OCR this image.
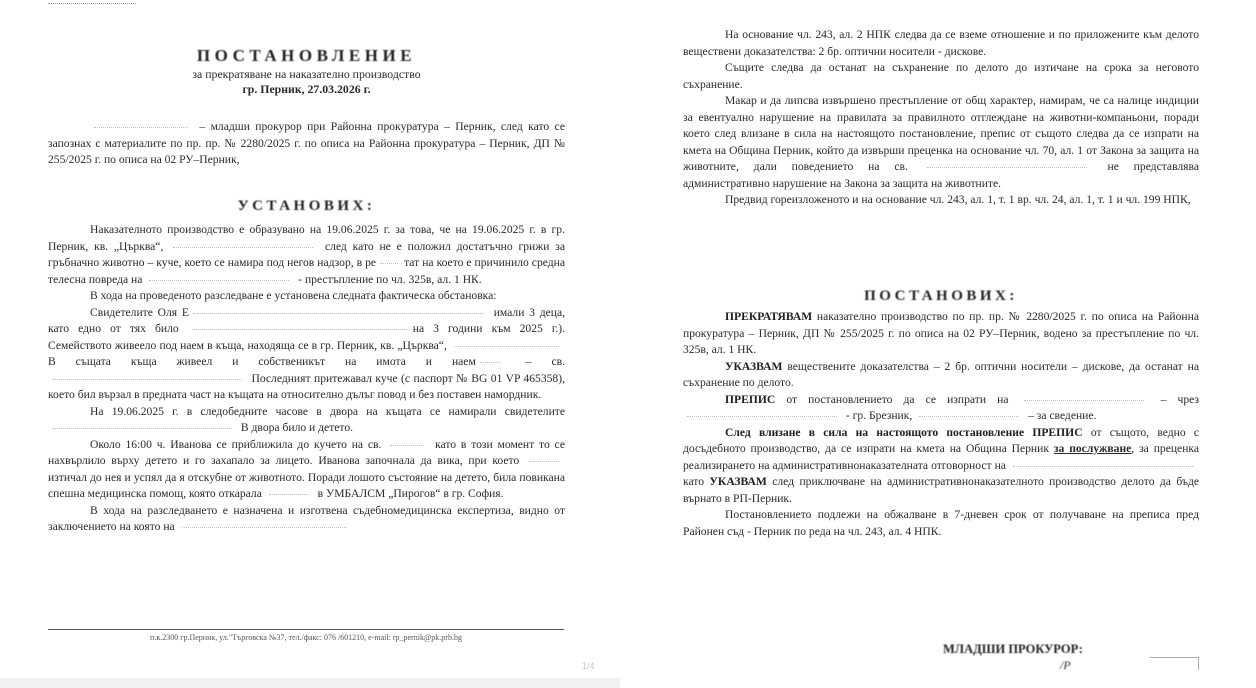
ПОСТАНОВЛЕНИЕ

за прекратяване на наказателно производство

гр. Перник, 27.03.2026 г.

– младши прокурор при Районна прокуратура – Перник, след като се запознах с материалите по пр. пр. № 2280/2025 г. по описа на Районна прокуратура – Перник, ДП № 255/2025 г. по описа на 02 РУ–Перник,

УСТАНОВИХ:

Наказателното производство е образувано на 19.06.2025 г. за това, че на 19.06.2025 г. в гр. Перник, кв. „Църква“,	след като не е положил достатъчно грижи за гръбначно животно – куче, което се намира под негов надзор, в ре тат на което е причинило средна телесна повреда на	- престъпление по чл. 325в, ал. 1 НК.

В хода на проведеното разследване е установена следната фактическа обстановка:

Свидетелите Оля Е	имали 3 деца, като едно от тях било	на 3 години към 2025 г.). Семейството живеело под наем в къща, находяща се в гр. Перник, кв. „Църква“,  В същата къща живеел и собственикът на имота и наем	– св.  Последният притежавал куче (с паспорт № BG 01 VP 465358), което бил вързал в предната част на къщата на относително дълъг повод и без поставен намордник.

На 19.06.2025 г. в следобедните часове в двора на къщата се намирали свидетелите  В двора било и детето.

Около 16:00 ч. Иванова се приближила до кучето на св.	като в този момент то се нахвърлило върху детето и го захапало за лицето. Иванова започнала да вика, при което  изтичал до нея и успял да я отскубне от животното. Поради лошото състояние на детето, била повикана спешна медицинска помощ, която откарала	в УМБАЛСМ „Пирогов“ в гр. София.

В хода на разследването е назначена и изготвена съдебномедицинска експертиза, видно от заключението на която на

п.к.2300 гр.Перник, ул."Търговска №37, тел./факс: 076 /601210, e-mail: rp_pernik@pk.prb.bg
1/4

На основание чл. 243, ал. 2 НПК следва да се вземе отношение и по приложените към делото веществени доказателства: 2 бр. оптични носители - дискове.

Същите следва да останат на съхранение по делото до изтичане на срока за неговото съхранение.

Макар и да липсва извършено престъпление от общ характер, намирам, че са налице индиции за евентуално нарушение на правилата за правилното отглеждане на животни-компаньони, поради което след влизане в сила на настоящото постановление, препис от същото следва да се изпрати на кмета на Община Перник, който да извърши преценка на основание чл. 70, ал. 1 от Закона за защита на животните, дали поведението на св.	не представлява административно нарушение на Закона за защита на животните.

Предвид гореизложеното и на основание чл. 243, ал. 1, т. 1 вр. чл. 24, ал. 1, т. 1 и чл. 199 НПК,

ПОСТАНОВИХ:

ПРЕКРАТЯВАМ наказателно производство по пр. пр. № 2280/2025 г. по описа на Районна прокуратура – Перник, ДП № 255/2025 г. по описа на 02 РУ–Перник, водено за престъпление по чл. 325в, ал. 1 НК.

УКАЗВАМ веществените доказателства – 2 бр. оптични носители – дискове, да останат на съхранение по делото.

ПРЕПИС от постановлението да се изпрати на	– чрез  - гр. Брезник,	– за сведение.

След влизане в сила на настоящото постановление ПРЕПИС от същото, ведно с досъдебното производство, да се изпрати на кмета на Община Перник за послужване, за преценка реализирането на административнонаказателната отговорност на  като УКАЗВАМ след приключване на административнонаказателното производство делото да бъде върнато в РП-Перник.

Постановлението подлежи на обжалване в 7-дневен срок от получаване на преписа пред Районен съд - Перник по реда на чл. 243, ал. 4 НПК.

МЛАДШИ ПРОКУРОР:
/Р
